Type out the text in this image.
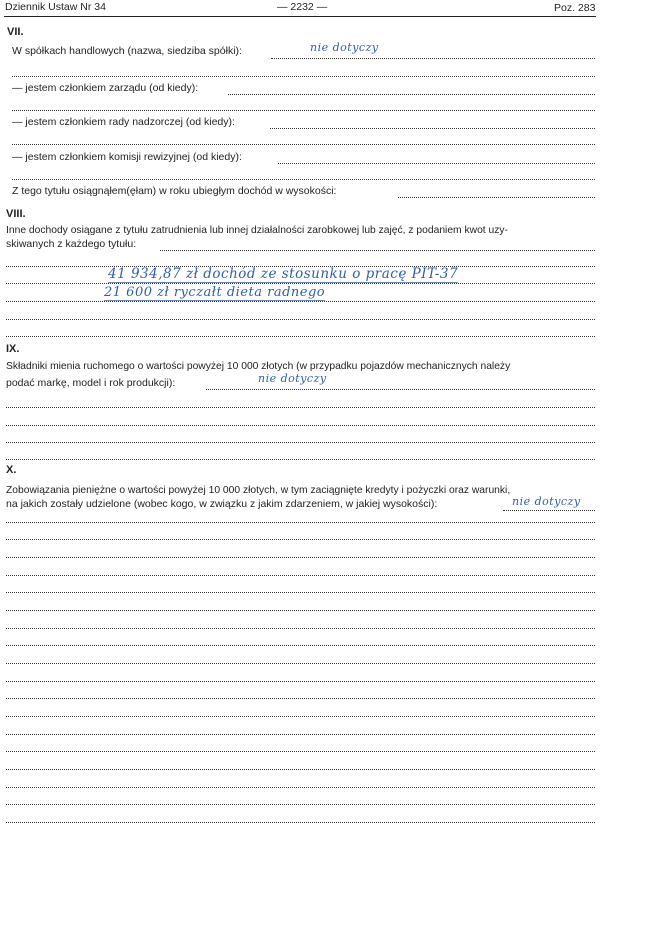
Dziennik Ustaw Nr 34	— 2232 —	Poz. 283
VII.
W spółkach handlowych (nazwa, siedziba spółki):	nie dotyczy
— jestem członkiem zarządu (od kiedy):
— jestem członkiem rady nadzorczej (od kiedy):
— jestem członkiem komisji rewizyjnej (od kiedy):
Z tego tytułu osiągnąłem(ęłam) w roku ubiegłym dochód w wysokości:
VIII.
Inne dochody osiągane z tytułu zatrudnienia lub innej działalności zarobkowej lub zajęć, z podaniem kwot uzy-
skiwanych z każdego tytułu:
41 934,87 zł dochód ze stosunku o pracę PIT-37
21 600 zł ryczałt dieta radnego
IX.
Składniki mienia ruchomego o wartości powyżej 10 000 złotych (w przypadku pojazdów mechanicznych należy
podać markę, model i rok produkcji):	nie dotyczy
X.
Zobowiązania pieniężne o wartości powyżej 10 000 złotych, w tym zaciągnięte kredyty i pożyczki oraz warunki,
na jakich zostały udzielone (wobec kogo, w związku z jakim zdarzeniem, w jakiej wysokości):	nie dotyczy
